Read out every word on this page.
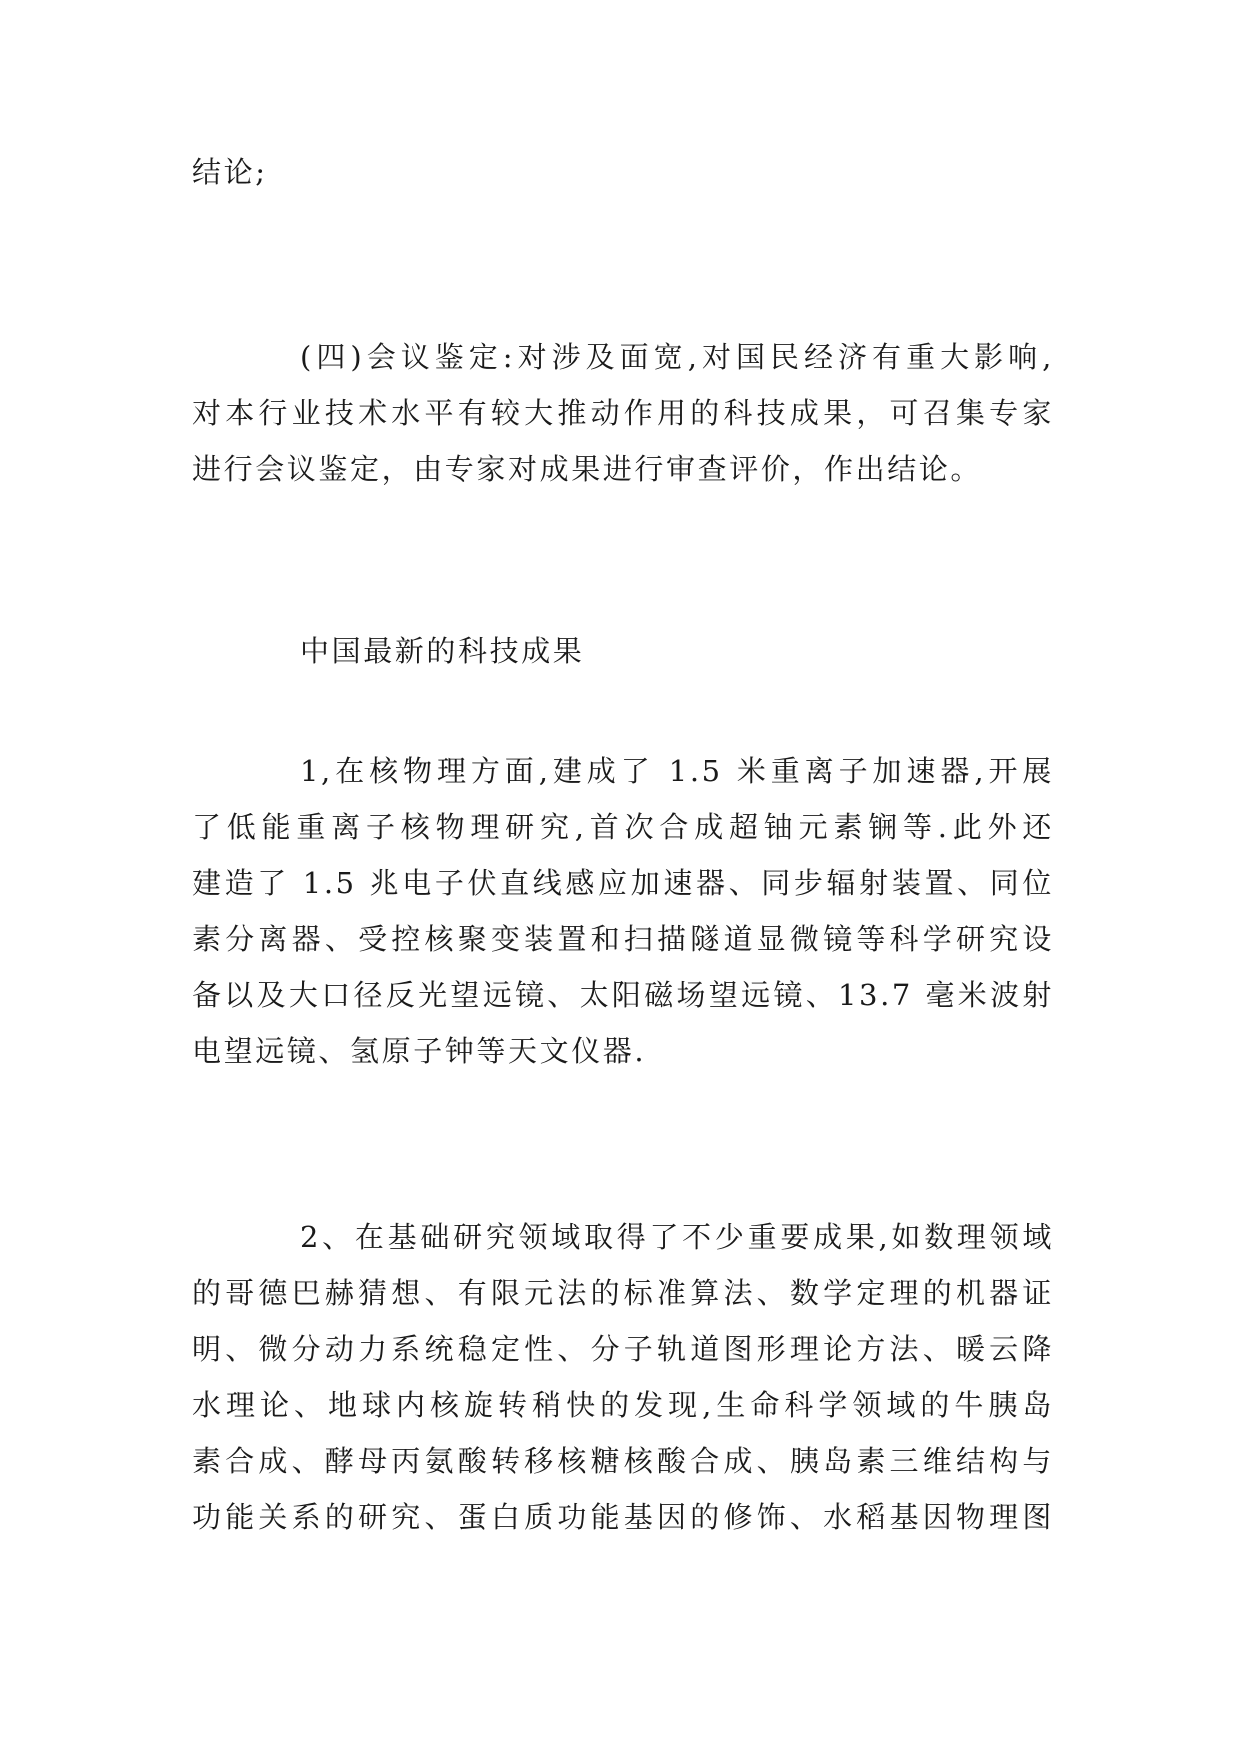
结论;
(四)会议鉴定:对涉及面宽,对国民经济有重大影响,
对本行业技术水平有较大推动作用的科技成果，可召集专家
进行会议鉴定，由专家对成果进行审查评价，作出结论。
中国最新的科技成果
1,在核物理方面,建成了 1.5 米重离子加速器,开展
了低能重离子核物理研究,首次合成超铀元素锎等.此外还
建造了 1.5 兆电子伏直线感应加速器、同步辐射装置、同位
素分离器、受控核聚变装置和扫描隧道显微镜等科学研究设
备以及大口径反光望远镜、太阳磁场望远镜、13.7 毫米波射
电望远镜、氢原子钟等天文仪器.
2、在基础研究领域取得了不少重要成果,如数理领域
的哥德巴赫猜想、有限元法的标准算法、数学定理的机器证
明、微分动力系统稳定性、分子轨道图形理论方法、暖云降
水理论、地球内核旋转稍快的发现,生命科学领域的牛胰岛
素合成、酵母丙氨酸转移核糖核酸合成、胰岛素三维结构与
功能关系的研究、蛋白质功能基因的修饰、水稻基因物理图
